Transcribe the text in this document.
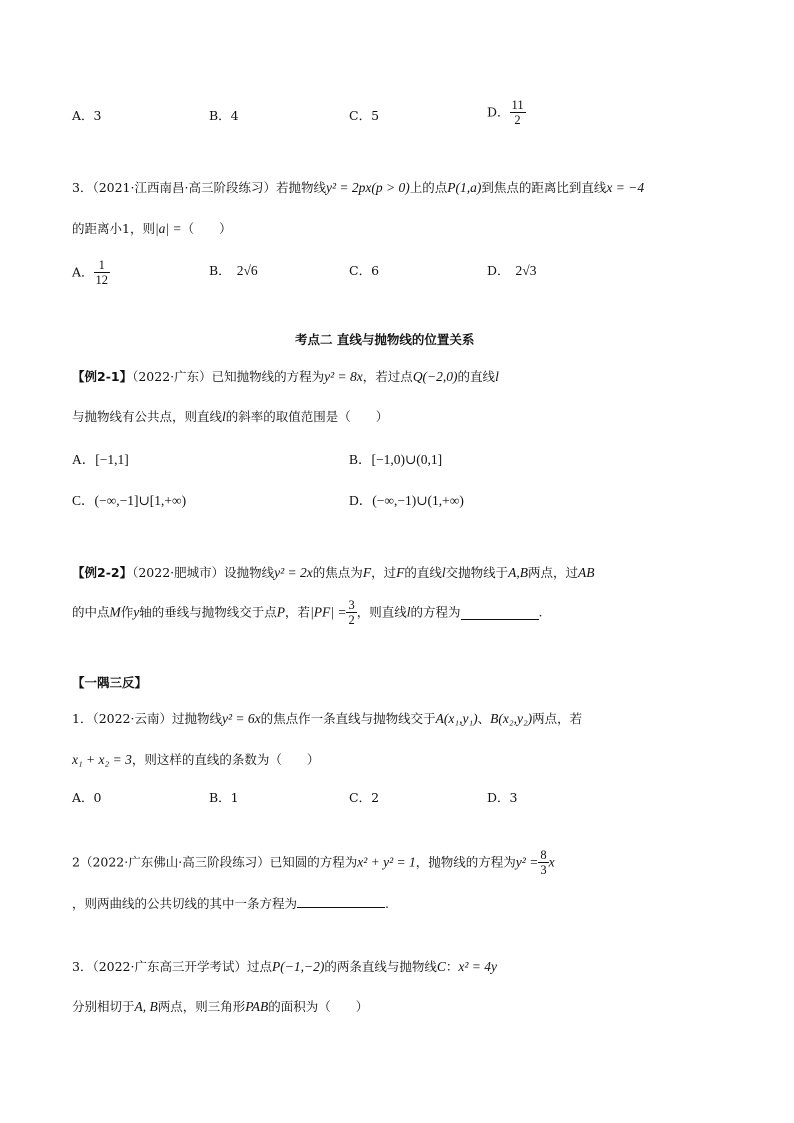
A．3	B．4	C．5	D． $\frac{11}{2}$
3．（2021·江西南昌·高三阶段练习）若抛物线y² = 2px(p > 0)上的点P(1,a)到焦点的距离比到直线x = −4
的距离小1，则|a| =（　　）
A． $\frac{1}{12}$	B． 2√6	C．6	D． 2√3
考点二 直线与抛物线的位置关系
【例2-1】（2022·广东）已知抛物线的方程为y² = 8x，若过点Q(−2,0)的直线l
与抛物线有公共点，则直线l的斜率的取值范围是（　　）
A．[−1,1]	B．[−1,0)∪(0,1]
C．(−∞,−1]∪[1,+∞)	D．(−∞,−1)∪(1,+∞)
【例2-2】（2022·肥城市）设抛物线y² = 2x的焦点为F，过F的直线l交抛物线于A,B两点，过AB
的中点M作y轴的垂线与抛物线交于点P，若$|PF| = \frac{3}{2}$ ，则直线l的方程为	.
【一隅三反】
1．（2022·云南）过抛物线y² = 6x的焦点作一条直线与抛物线交于A(x₁,y₁)、B(x₂,y₂)两点，若
x₁ + x₂ = 3，则这样的直线的条数为（　　）
A．0	B．1	C．2	D．3
2（2022·广东佛山·高三阶段练习）已知圆的方程为x² + y² = 1，抛物线的方程为$y^2 = \frac{8}{3}$ x
，则两曲线的公共切线的其中一条方程为	.
3．（2022·广东高三开学考试）过点P(−1,−2)的两条直线与抛物线C：x² = 4y
分别相切于A, B两点，则三角形PAB的面积为（　　）
